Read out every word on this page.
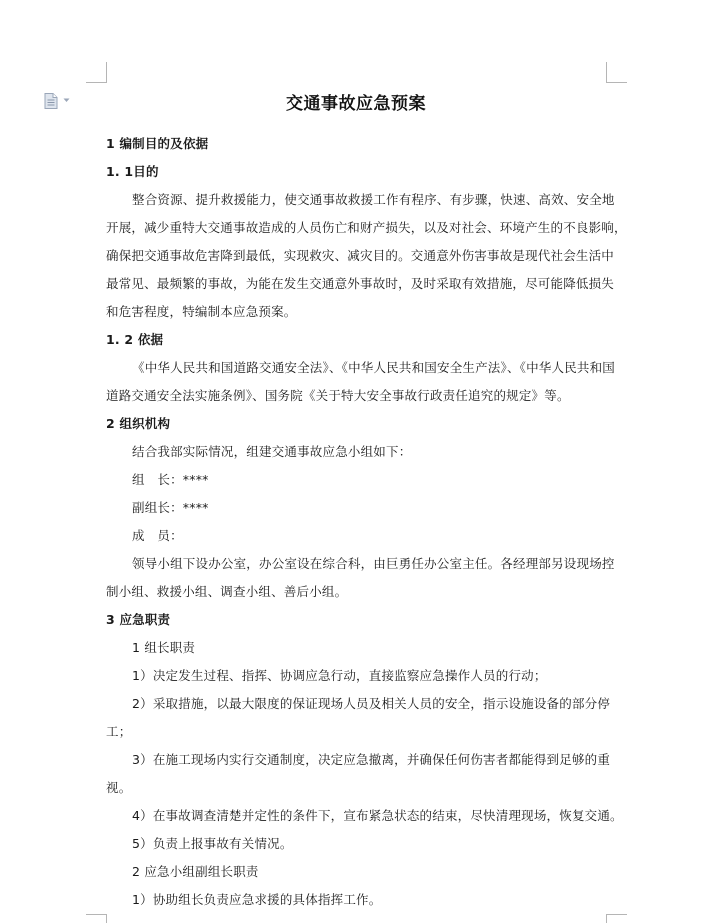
交通事故应急预案
1 编制目的及依据
1. 1目的
整合资源、提升救援能力，使交通事故救援工作有程序、有步骤，快速、高效、安全地
开展，减少重特大交通事故造成的人员伤亡和财产损失，以及对社会、环境产生的不良影响，
确保把交通事故危害降到最低，实现救灾、减灾目的。交通意外伤害事故是现代社会生活中
最常见、最频繁的事故，为能在发生交通意外事故时，及时采取有效措施，尽可能降低损失
和危害程度，特编制本应急预案。
1. 2 依据
《中华人民共和国道路交通安全法》、《中华人民共和国安全生产法》、《中华人民共和国
道路交通安全法实施条例》、国务院《关于特大安全事故行政责任追究的规定》等。
2 组织机构
结合我部实际情况，组建交通事故应急小组如下：
组　长：****
副组长：****
成　员：
领导小组下设办公室，办公室设在综合科，由巨勇任办公室主任。各经理部另设现场控
制小组、救援小组、调查小组、善后小组。
3 应急职责
1 组长职责
1）决定发生过程、指挥、协调应急行动，直接监察应急操作人员的行动；
2）采取措施，以最大限度的保证现场人员及相关人员的安全，指示设施设备的部分停
工；
3）在施工现场内实行交通制度，决定应急撤离，并确保任何伤害者都能得到足够的重
视。
4）在事故调查清楚并定性的条件下，宣布紧急状态的结束，尽快清理现场，恢复交通。
5）负责上报事故有关情况。
2 应急小组副组长职责
1）协助组长负责应急求援的具体指挥工作。
